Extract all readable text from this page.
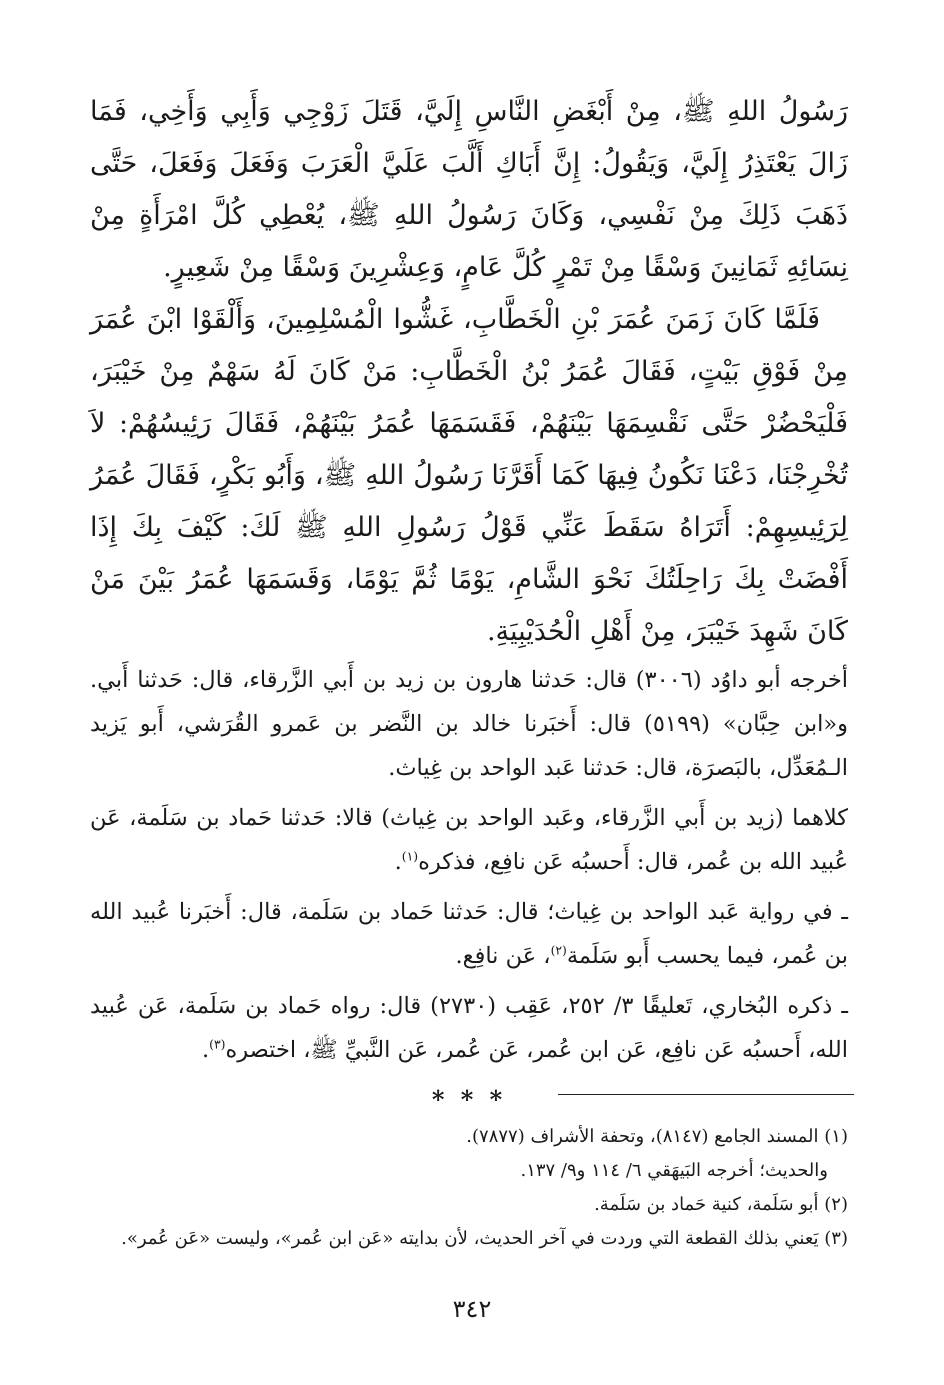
رَسُولُ اللهِ ﷺ، مِنْ أَبْغَضِ النَّاسِ إِلَيَّ، قَتَلَ زَوْجِي وَأَبِي وَأَخِي، فَمَا زَالَ يَعْتَذِرُ إِلَيَّ، وَيَقُولُ: إِنَّ أَبَاكِ أَلَّبَ عَلَيَّ الْعَرَبَ وَفَعَلَ وَفَعَلَ، حَتَّى ذَهَبَ ذَلِكَ مِنْ نَفْسِي، وَكَانَ رَسُولُ اللهِ ﷺ، يُعْطِي كُلَّ امْرَأَةٍ مِنْ نِسَائِهِ ثَمَانِينَ وَسْقًا مِنْ تَمْرٍ كُلَّ عَامٍ، وَعِشْرِينَ وَسْقًا مِنْ شَعِيرٍ.

فَلَمَّا كَانَ زَمَنَ عُمَرَ بْنِ الْخَطَّابِ، غَشُّوا الْمُسْلِمِينَ، وَأَلْقَوْا ابْنَ عُمَرَ مِنْ فَوْقِ بَيْتٍ، فَقَالَ عُمَرُ بْنُ الْخَطَّابِ: مَنْ كَانَ لَهُ سَهْمٌ مِنْ خَيْبَرَ، فَلْيَحْضُرْ حَتَّى نَقْسِمَهَا بَيْنَهُمْ، فَقَسَمَهَا عُمَرُ بَيْنَهُمْ، فَقَالَ رَئِيسُهُمْ: لاَ تُخْرِجْنَا، دَعْنَا نَكُونُ فِيهَا كَمَا أَقَرَّنَا رَسُولُ اللهِ ﷺ، وَأَبُو بَكْرٍ، فَقَالَ عُمَرُ لِرَئِيسِهِمْ: أَتَرَاهُ سَقَطَ عَنِّي قَوْلُ رَسُولِ اللهِ ﷺ لَكَ: كَيْفَ بِكَ إِذَا أَفْضَتْ بِكَ رَاحِلَتُكَ نَحْوَ الشَّامِ، يَوْمًا ثُمَّ يَوْمًا، وَقَسَمَهَا عُمَرُ بَيْنَ مَنْ كَانَ شَهِدَ خَيْبَرَ، مِنْ أَهْلِ الْحُدَيْبِيَةِ.

أخرجه أبو داوُد (٣٠٠٦) قال: حَدثنا هارون بن زيد بن أَبي الزَّرقاء، قال: حَدثنا أَبي. و«ابن حِبَّان» (٥١٩٩) قال: أَخبَرنا خالد بن النَّضر بن عَمرو القُرَشي، أَبو يَزيد الـمُعَدِّل، بالبَصرَة، قال: حَدثنا عَبد الواحد بن غِياث.

كلاهما (زيد بن أَبي الزَّرقاء، وعَبد الواحد بن غِياث) قالا: حَدثنا حَماد بن سَلَمة، عَن عُبيد الله بن عُمر، قال: أَحسبُه عَن نافِع، فذكره$^{(١)}$.

ـ في رواية عَبد الواحد بن غِياث؛ قال: حَدثنا حَماد بن سَلَمة، قال: أَخبَرنا عُبيد الله بن عُمر، فيما يحسب أَبو سَلَمة$^{(٢)}$، عَن نافِع.

ـ ذكره البُخاري، تَعليقًا ٣/ ٢٥٢، عَقِب (٢٧٣٠) قال: رواه حَماد بن سَلَمة، عَن عُبيد الله، أَحسبُه عَن نافِع، عَن ابن عُمر، عَن عُمر، عَن النَّبيِّ ﷺ، اختصره$^{(٣)}$.

* * *

(١) المسند الجامع (٨١٤٧)، وتحفة الأشراف (٧٨٧٧).

والحديث؛ أخرجه البَيهَقي ٦/ ١١٤ و٩/ ١٣٧.

(٢) أبو سَلَمة، كنية حَماد بن سَلَمة.

(٣) يَعني بذلك القطعة التي وردت في آخر الحديث، لأن بدايته «عَن ابن عُمر»، وليست «عَن عُمر».

٣٤٢
